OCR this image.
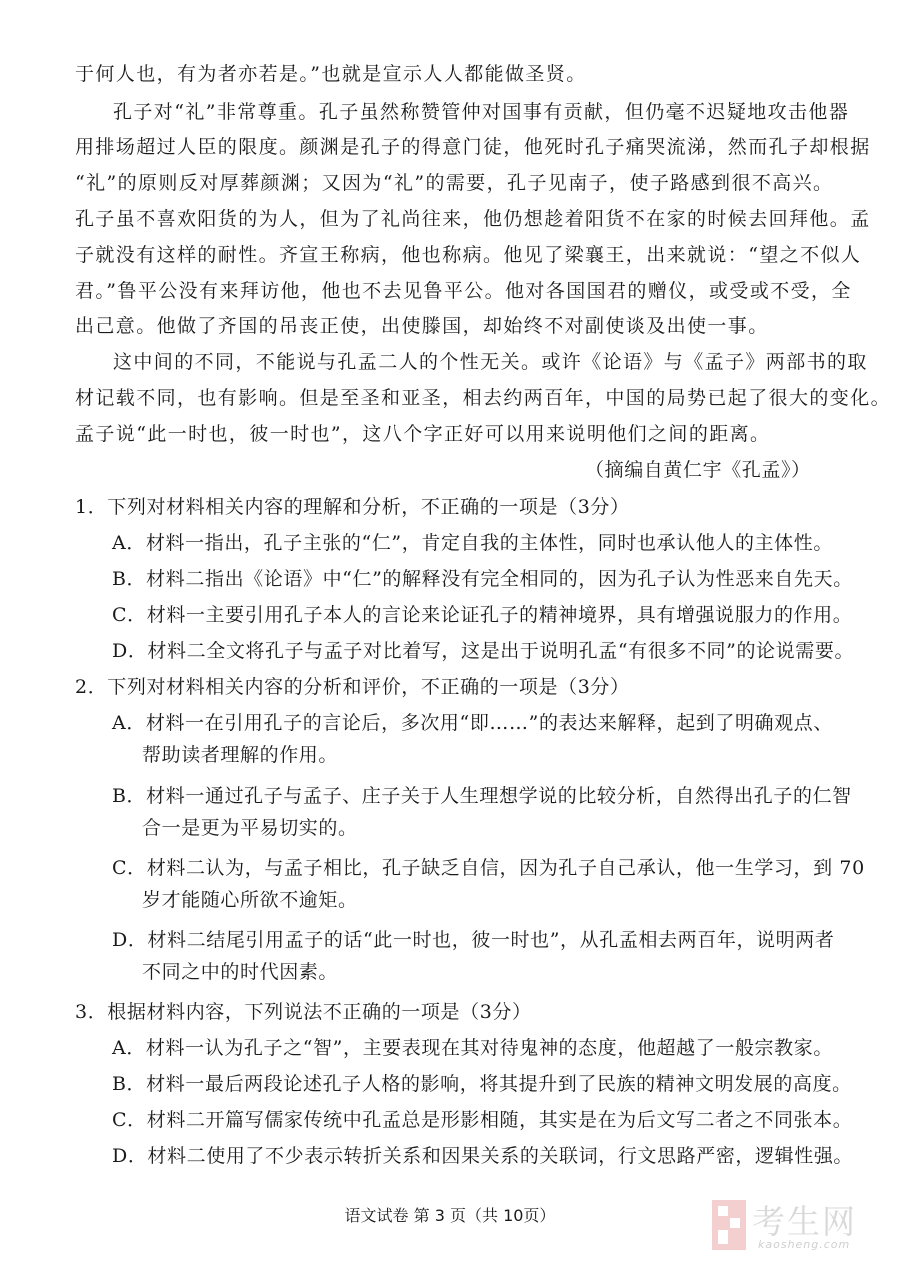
于何人也，有为者亦若是。”也就是宣示人人都能做圣贤。
孔子对“礼”非常尊重。孔子虽然称赞管仲对国事有贡献，但仍毫不迟疑地攻击他器
用排场超过人臣的限度。颜渊是孔子的得意门徒，他死时孔子痛哭流涕，然而孔子却根据
“礼”的原则反对厚葬颜渊；又因为“礼”的需要，孔子见南子，使子路感到很不高兴。
孔子虽不喜欢阳货的为人，但为了礼尚往来，他仍想趁着阳货不在家的时候去回拜他。孟
子就没有这样的耐性。齐宣王称病，他也称病。他见了梁襄王，出来就说：“望之不似人
君。”鲁平公没有来拜访他，他也不去见鲁平公。他对各国国君的赠仪，或受或不受，全
出己意。他做了齐国的吊丧正使，出使滕国，却始终不对副使谈及出使一事。
这中间的不同，不能说与孔孟二人的个性无关。或许《论语》与《孟子》两部书的取
材记载不同，也有影响。但是至圣和亚圣，相去约两百年，中国的局势已起了很大的变化。
孟子说“此一时也，彼一时也”，这八个字正好可以用来说明他们之间的距离。
（摘编自黄仁宇《孔孟》）
1．下列对材料相关内容的理解和分析，不正确的一项是（3分）
A．材料一指出，孔子主张的“仁”，肯定自我的主体性，同时也承认他人的主体性。
B．材料二指出《论语》中“仁”的解释没有完全相同的，因为孔子认为性恶来自先天。
C．材料一主要引用孔子本人的言论来论证孔子的精神境界，具有增强说服力的作用。
D．材料二全文将孔子与孟子对比着写，这是出于说明孔孟“有很多不同”的论说需要。
2．下列对材料相关内容的分析和评价，不正确的一项是（3分）
A．材料一在引用孔子的言论后，多次用“即……”的表达来解释，起到了明确观点、
帮助读者理解的作用。
B．材料一通过孔子与孟子、庄子关于人生理想学说的比较分析，自然得出孔子的仁智
合一是更为平易切实的。
C．材料二认为，与孟子相比，孔子缺乏自信，因为孔子自己承认，他一生学习，到 70
岁才能随心所欲不逾矩。
D．材料二结尾引用孟子的话“此一时也，彼一时也”，从孔孟相去两百年，说明两者
不同之中的时代因素。
3．根据材料内容，下列说法不正确的一项是（3分）
A．材料一认为孔子之“智”，主要表现在其对待鬼神的态度，他超越了一般宗教家。
B．材料一最后两段论述孔子人格的影响，将其提升到了民族的精神文明发展的高度。
C．材料二开篇写儒家传统中孔孟总是形影相随，其实是在为后文写二者之不同张本。
D．材料二使用了不少表示转折关系和因果关系的关联词，行文思路严密，逻辑性强。
语文试卷 第 3 页（共 10页）	考生网
kaosheng.com
